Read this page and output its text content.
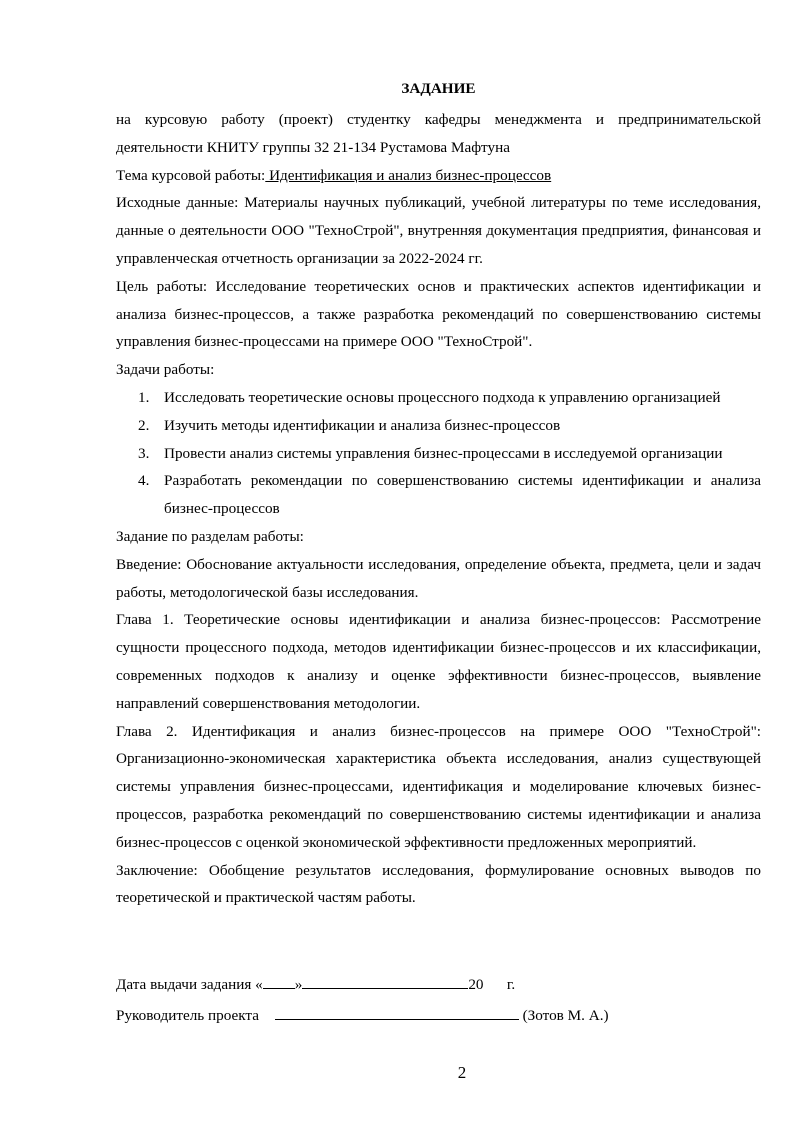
ЗАДАНИЕ

на курсовую работу (проект) студентку кафедры менеджмента и предпринимательской деятельности КНИТУ группы 32 21-134 Рустамова Мафтуна

Тема курсовой работы: Идентификация и анализ бизнес-процессов

Исходные данные: Материалы научных публикаций, учебной литературы по теме исследования, данные о деятельности ООО "ТехноСтрой", внутренняя документация предприятия, финансовая и управленческая отчетность организации за 2022-2024 гг.

Цель работы: Исследование теоретических основ и практических аспектов идентификации и анализа бизнес-процессов, а также разработка рекомендаций по совершенствованию системы управления бизнес-процессами на примере ООО "ТехноСтрой".

Задачи работы:

1. Исследовать теоретические основы процессного подхода к управлению организацией
2. Изучить методы идентификации и анализа бизнес-процессов
3. Провести анализ системы управления бизнес-процессами в исследуемой организации
4. Разработать рекомендации по совершенствованию системы идентификации и анализа бизнес-процессов

Задание по разделам работы:

Введение: Обоснование актуальности исследования, определение объекта, предмета, цели и задач работы, методологической базы исследования.

Глава 1. Теоретические основы идентификации и анализа бизнес-процессов: Рассмотрение сущности процессного подхода, методов идентификации бизнес-процессов и их классификации, современных подходов к анализу и оценке эффективности бизнес-процессов, выявление направлений совершенствования методологии.

Глава 2. Идентификация и анализ бизнес-процессов на примере ООО "ТехноСтрой": Организационно-экономическая характеристика объекта исследования, анализ существующей системы управления бизнес-процессами, идентификация и моделирование ключевых бизнес-процессов, разработка рекомендаций по совершенствованию системы идентификации и анализа бизнес-процессов с оценкой экономической эффективности предложенных мероприятий.

Заключение: Обобщение результатов исследования, формулирование основных выводов по теоретической и практической частям работы.

Дата выдачи задания « »	20 г.
Руководитель проекта	(Зотов М. А.)
2
